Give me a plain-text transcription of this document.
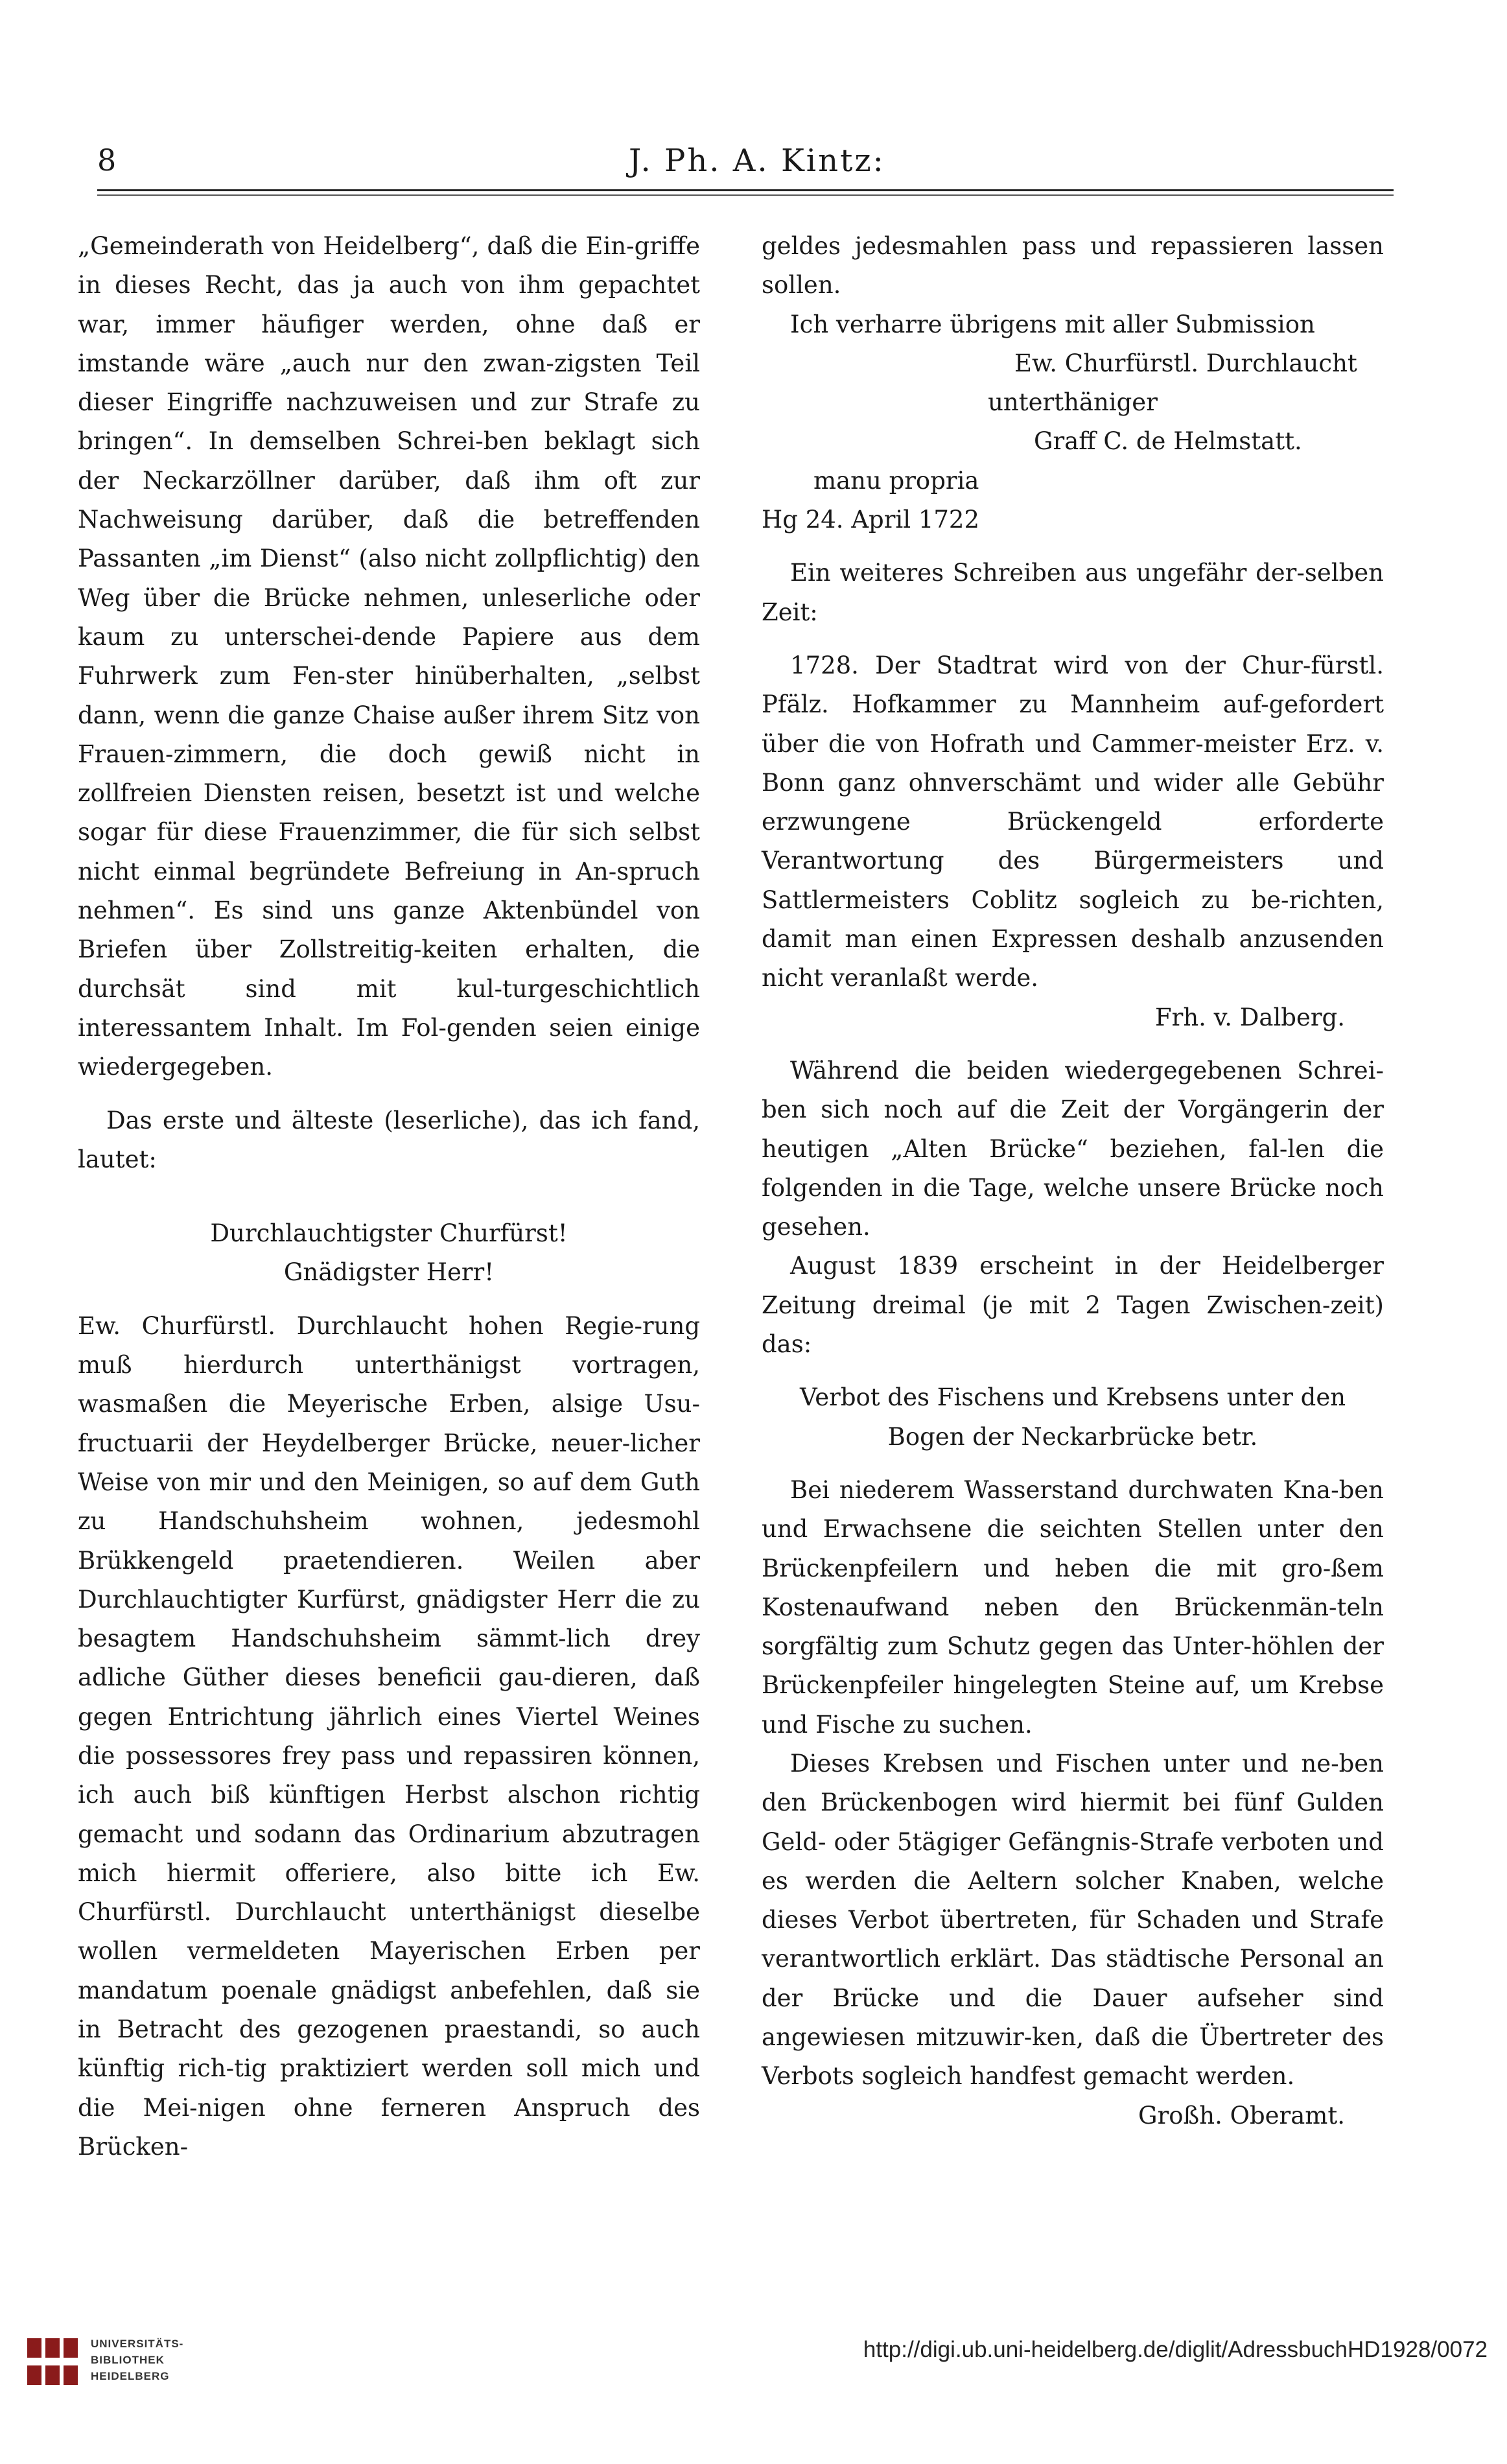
8	J. Ph. A. Kintz:

„Gemeinderath von Heidelberg“, daß die Ein-griffe in dieses Recht, das ja auch von ihm gepachtet war, immer häufiger werden, ohne daß er imstande wäre „auch nur den zwan-zigsten Teil dieser Eingriffe nachzuweisen und zur Strafe zu bringen“. In demselben Schrei-ben beklagt sich der Neckarzöllner darüber, daß ihm oft zur Nachweisung darüber, daß die betreffenden Passanten „im Dienst“ (also nicht zollpflichtig) den Weg über die Brücke nehmen, unleserliche oder kaum zu unterschei-dende Papiere aus dem Fuhrwerk zum Fen-ster hinüberhalten, „selbst dann, wenn die ganze Chaise außer ihrem Sitz von Frauen-zimmern, die doch gewiß nicht in zollfreien Diensten reisen, besetzt ist und welche sogar für diese Frauenzimmer, die für sich selbst nicht einmal begründete Befreiung in An-spruch nehmen“. Es sind uns ganze Aktenbündel von Briefen über Zollstreitig-keiten erhalten, die durchsät sind mit kul-turgeschichtlich interessantem Inhalt. Im Fol-genden seien einige wiedergegeben.

Das erste und älteste (leserliche), das ich fand, lautet:

Durchlauchtigster Churfürst!

Gnädigster Herr!

Ew. Churfürstl. Durchlaucht hohen Regie-rung muß hierdurch unterthänigst vortragen, wasmaßen die Meyerische Erben, alsige Usu-fructuarii der Heydelberger Brücke, neuer-licher Weise von mir und den Meinigen, so auf dem Guth zu Handschuhsheim wohnen, jedesmohl Brükkengeld praetendieren. Weilen aber Durchlauchtigter Kurfürst, gnädigster Herr die zu besagtem Handschuhsheim sämmt-lich drey adliche Güther dieses beneficii gau-dieren, daß gegen Entrichtung jährlich eines Viertel Weines die possessores frey pass und repassiren können, ich auch biß künftigen Herbst alschon richtig gemacht und sodann das Ordinarium abzutragen mich hiermit offeriere, also bitte ich Ew. Churfürstl. Durchlaucht unterthänigst dieselbe wollen vermeldeten Mayerischen Erben per mandatum poenale gnädigst anbefehlen, daß sie in Betracht des gezogenen praestandi, so auch künftig rich-tig praktiziert werden soll mich und die Mei-nigen ohne ferneren Anspruch des Brücken-

geldes jedesmahlen pass und repassieren lassen sollen.

Ich verharre übrigens mit aller Submission

Ew. Churfürstl. Durchlaucht

unterthäniger

Graff C. de Helmstatt.

manu propria

Hg 24. April 1722

Ein weiteres Schreiben aus ungefähr der-selben Zeit:

1728. Der Stadtrat wird von der Chur-fürstl. Pfälz. Hofkammer zu Mannheim auf-gefordert über die von Hofrath und Cammer-meister Erz. v. Bonn ganz ohnverschämt und wider alle Gebühr erzwungene Brückengeld erforderte Verantwortung des Bürgermeisters und Sattlermeisters Coblitz sogleich zu be-richten, damit man einen Expressen deshalb anzusenden nicht veranlaßt werde.

Frh. v. Dalberg.

Während die beiden wiedergegebenen Schrei-ben sich noch auf die Zeit der Vorgängerin der heutigen „Alten Brücke“ beziehen, fal-len die folgenden in die Tage, welche unsere Brücke noch gesehen.

August 1839 erscheint in der Heidelberger Zeitung dreimal (je mit 2 Tagen Zwischen-zeit) das:

Verbot des Fischens und Krebsens unter den Bogen der Neckarbrücke betr.

Bei niederem Wasserstand durchwaten Kna-ben und Erwachsene die seichten Stellen unter den Brückenpfeilern und heben die mit gro-ßem Kostenaufwand neben den Brückenmän-teln sorgfältig zum Schutz gegen das Unter-höhlen der Brückenpfeiler hingelegten Steine auf, um Krebse und Fische zu suchen.

Dieses Krebsen und Fischen unter und ne-ben den Brückenbogen wird hiermit bei fünf Gulden Geld- oder 5tägiger Gefängnis-Strafe verboten und es werden die Aeltern solcher Knaben, welche dieses Verbot übertreten, für Schaden und Strafe verantwortlich erklärt. Das städtische Personal an der Brücke und die Dauer aufseher sind angewiesen mitzuwir-ken, daß die Übertreter des Verbots sogleich handfest gemacht werden.

Großh. Oberamt.

UNIVERSITÄTS-
BIBLIOTHEK
HEIDELBERG
http://digi.ub.uni-heidelberg.de/diglit/AdressbuchHD1928/0072
